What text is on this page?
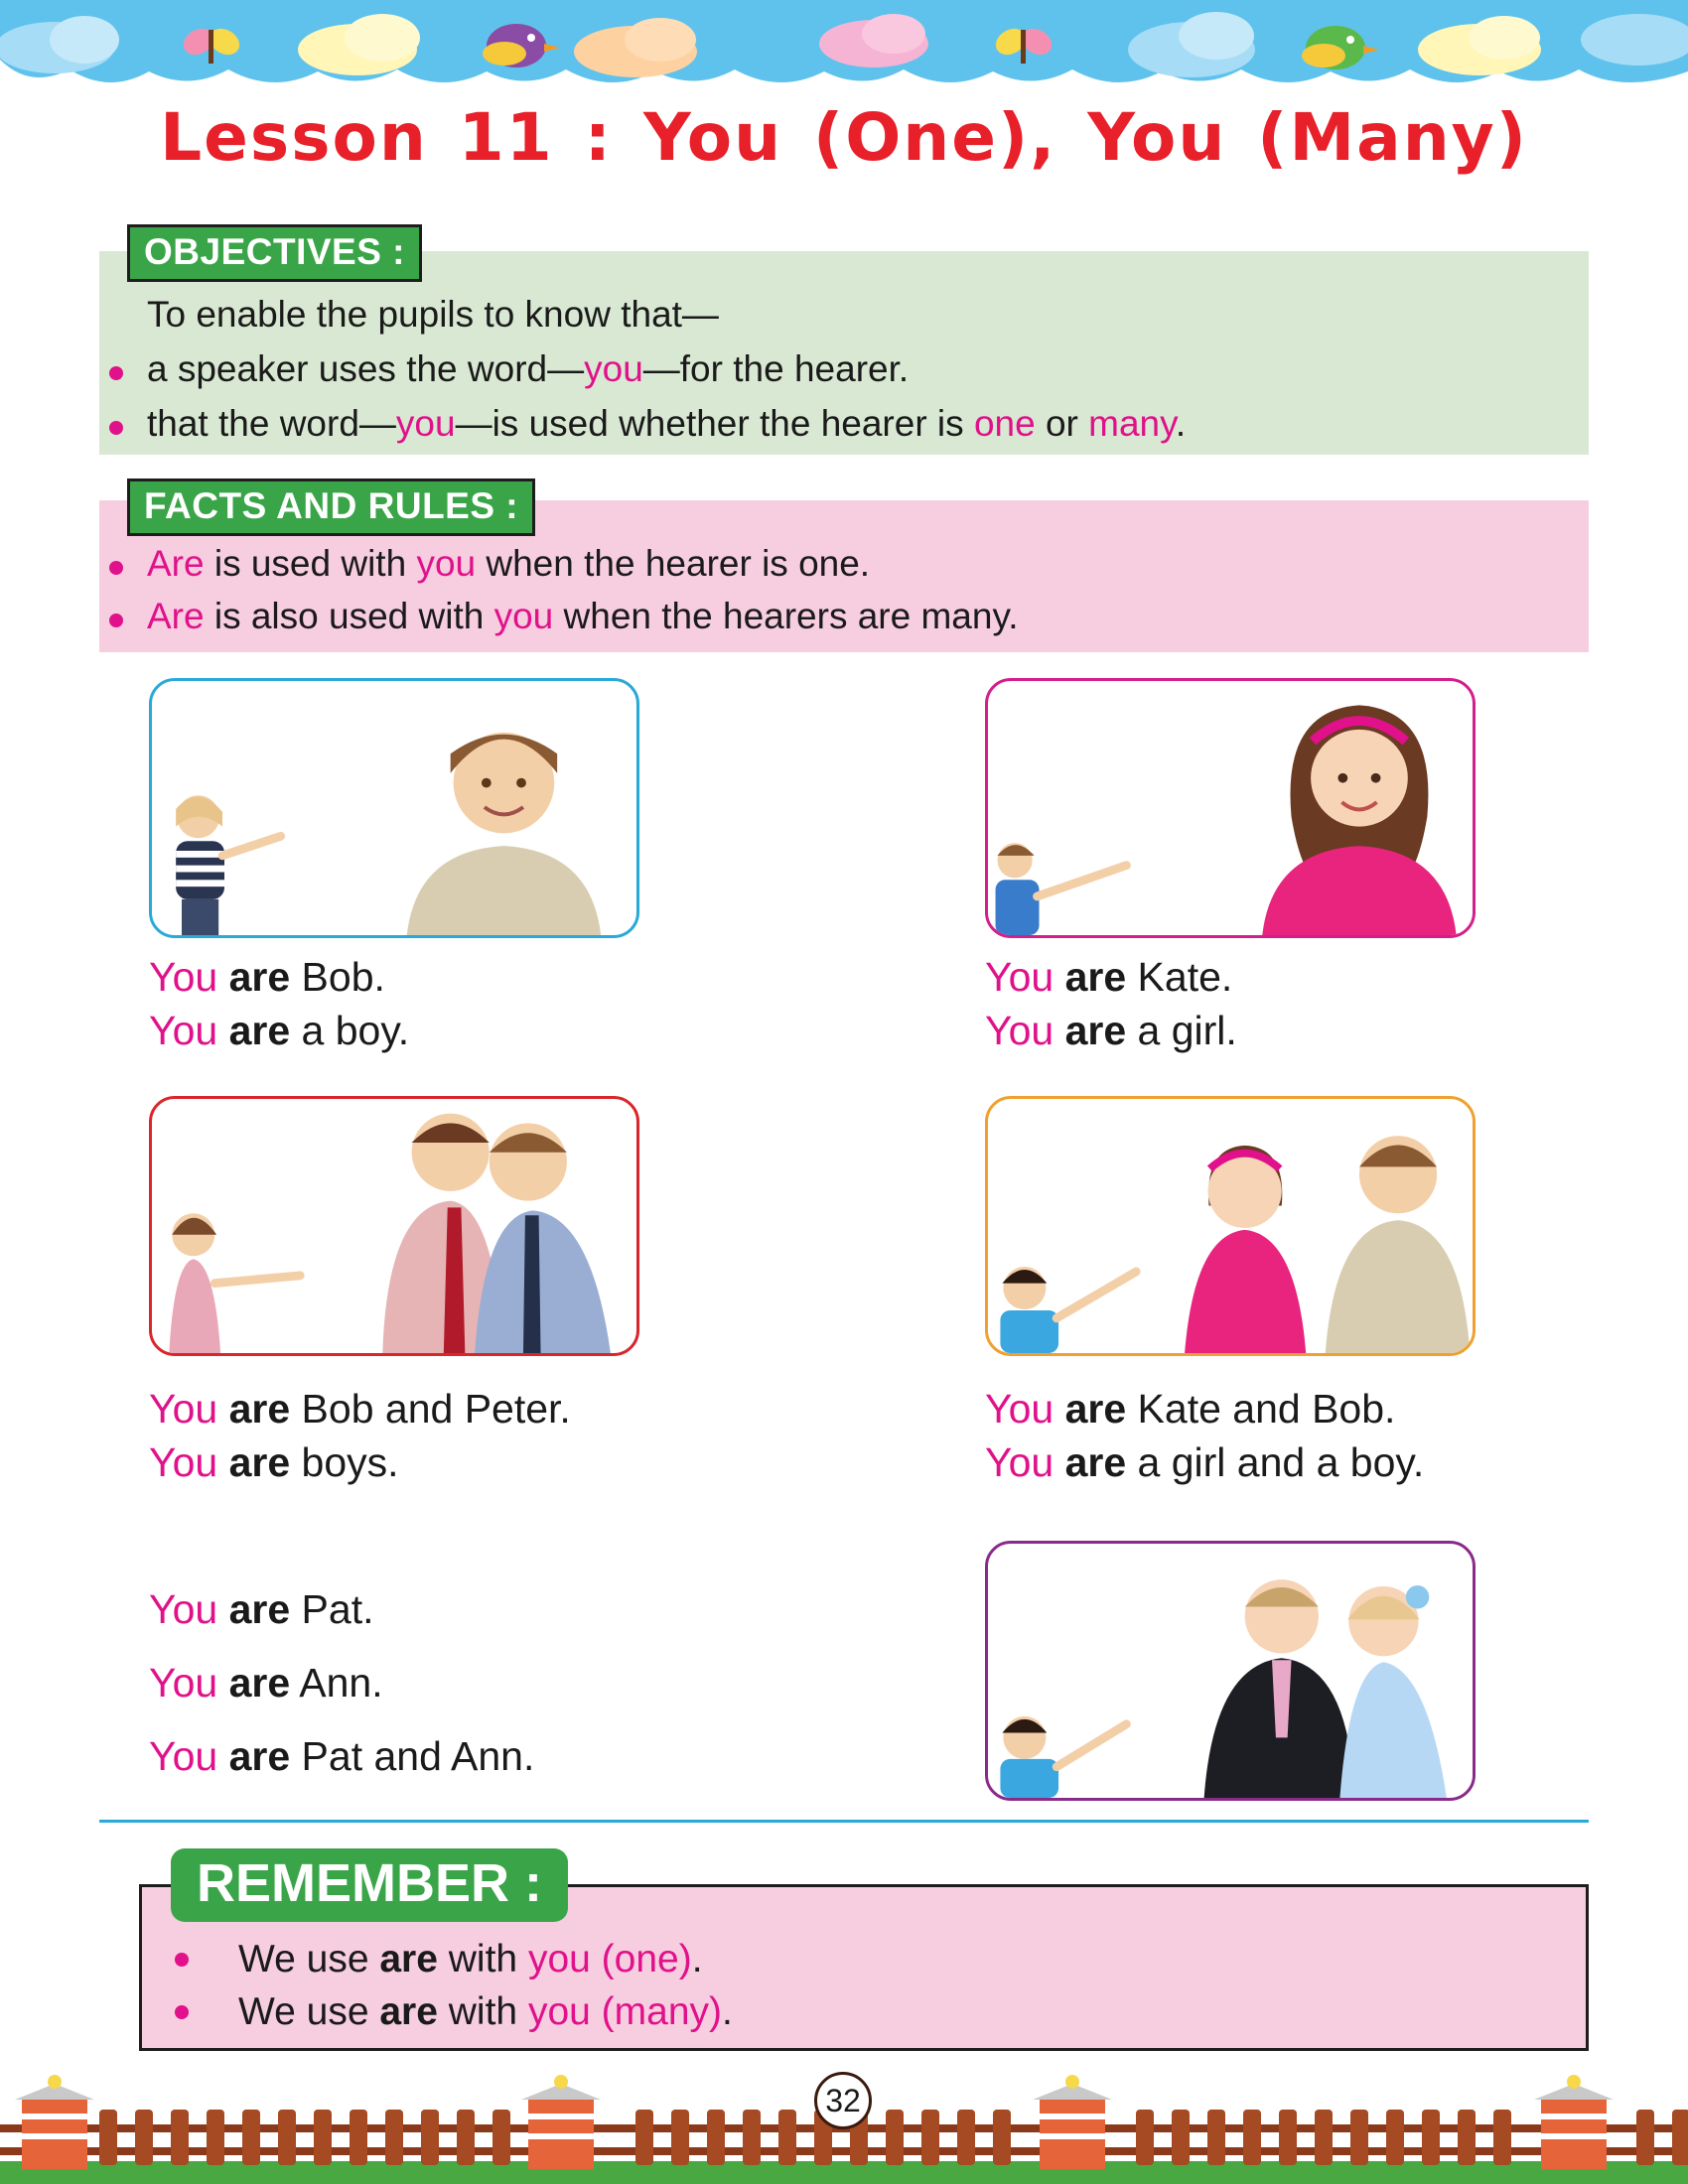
Lesson 11 : You (One), You (Many)
OBJECTIVES :
To enable the pupils to know that—
a speaker uses the word—you—for the hearer.
that the word—you—is used whether the hearer is one or many.
FACTS AND RULES :
Are is used with you when the hearer is one.
Are is also used with you when the hearers are many.
You are Bob.
You are a boy.
You are Kate.
You are a girl.
You are Bob and Peter.
You are boys.
You are Kate and Bob.
You are a girl and a boy.
You are Pat.
You are Ann.
You are Pat and Ann.
REMEMBER :
We use are with you (one).
We use are with you (many).
32
